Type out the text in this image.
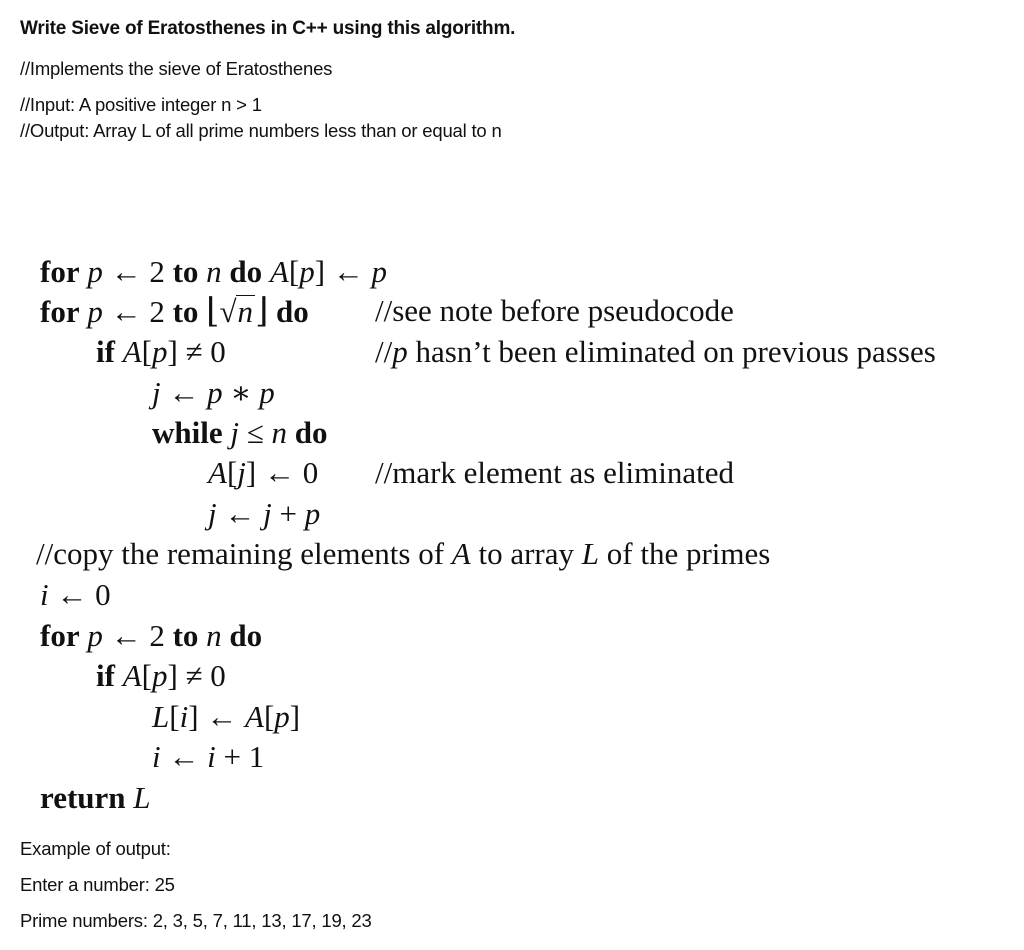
Write Sieve of Eratosthenes in C++ using this algorithm.
//Implements the sieve of Eratosthenes
//Input: A positive integer n > 1
//Output: Array L of all prime numbers less than or equal to n
for p ← 2 to n do A[p] ← p
for p ← 2 to ⌊√n⌋ do //see note before pseudocode
if A[p] ≠ 0	//p hasn’t been eliminated on previous passes
j ← p ∗ p
while j ≤ n do
A[j] ← 0 //mark element as eliminated
j ← j + p
//copy the remaining elements of A to array L of the primes
i ← 0
for p ← 2 to n do
if A[p] ≠ 0
L[i] ← A[p]
i ← i + 1
return L
Example of output:
Enter a number: 25
Prime numbers: 2, 3, 5, 7, 11, 13, 17, 19, 23
